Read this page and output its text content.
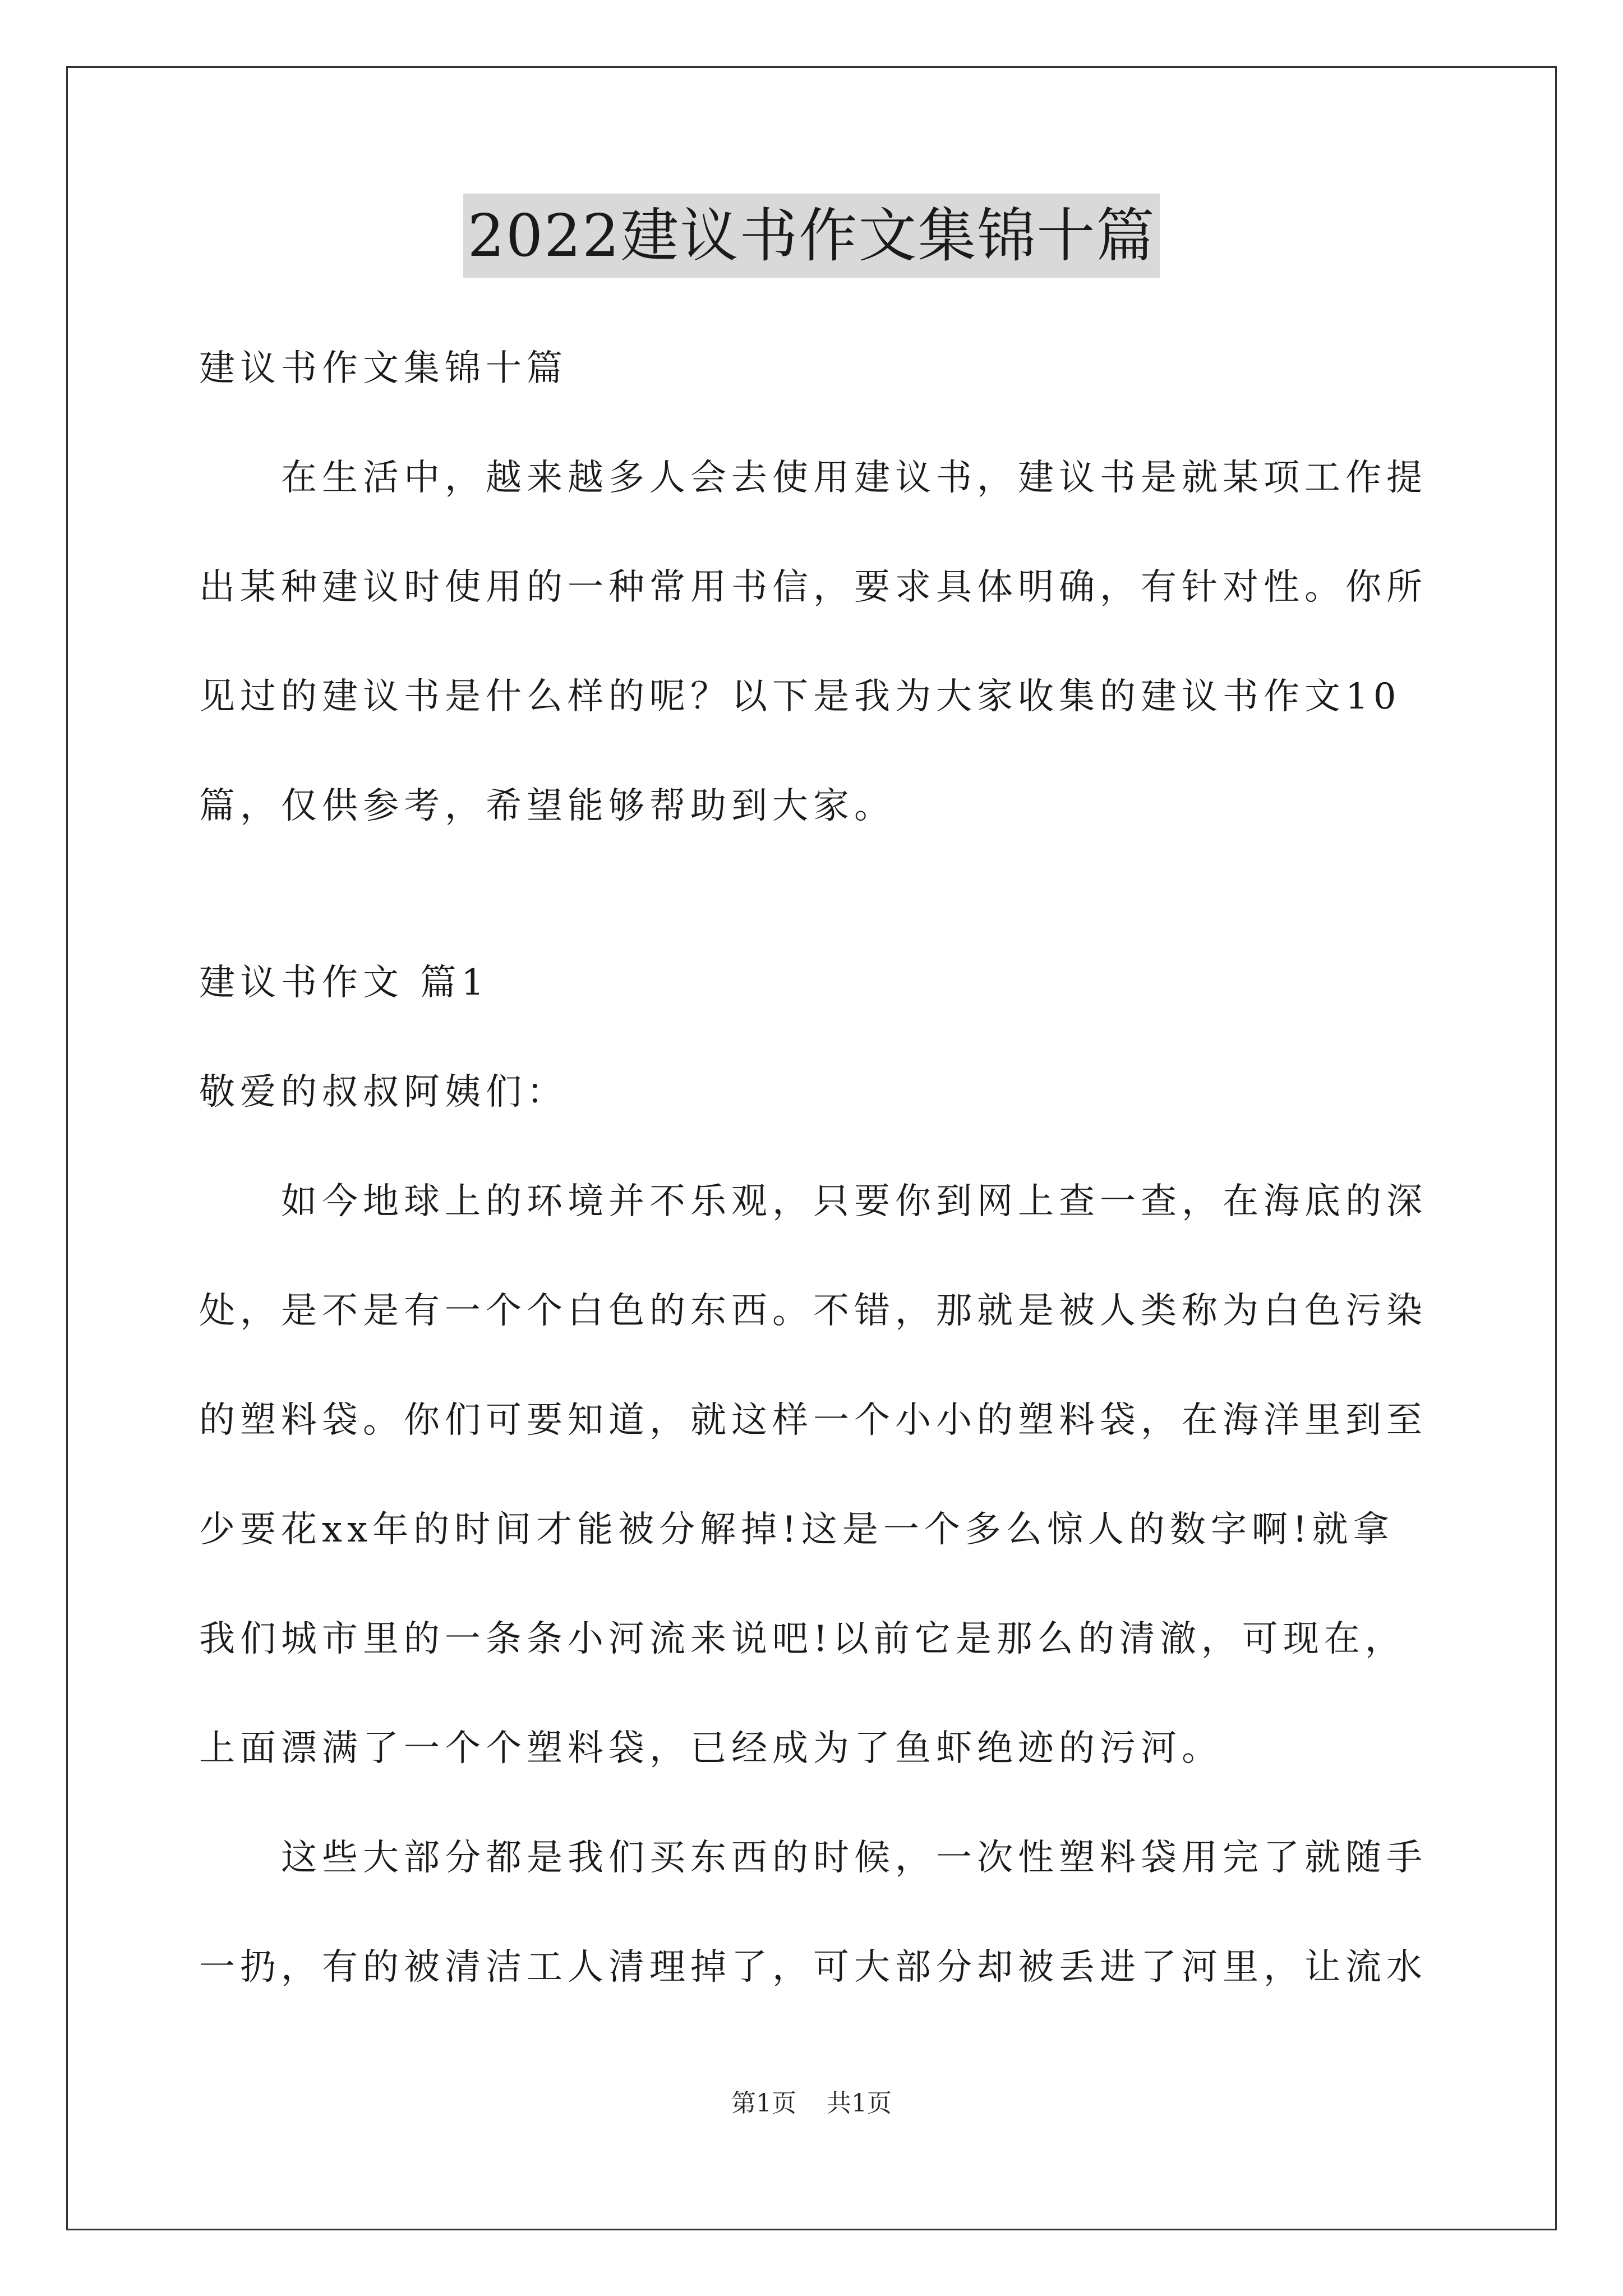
2022建议书作文集锦十篇

建议书作文集锦十篇

在生活中，越来越多人会去使用建议书，建议书是就某项工作提出某种建议时使用的一种常用书信，要求具体明确，有针对性。你所见过的建议书是什么样的呢？以下是我为大家收集的建议书作文10篇，仅供参考，希望能够帮助到大家。

建议书作文 篇1

敬爱的叔叔阿姨们：

如今地球上的环境并不乐观，只要你到网上查一查，在海底的深处，是不是有一个个白色的东西。不错，那就是被人类称为白色污染的塑料袋。你们可要知道，就这样一个小小的塑料袋，在海洋里到至少要花xx年的时间才能被分解掉!这是一个多么惊人的数字啊!就拿我们城市里的一条条小河流来说吧!以前它是那么的清澈，可现在，上面漂满了一个个塑料袋，已经成为了鱼虾绝迹的污河。

这些大部分都是我们买东西的时候，一次性塑料袋用完了就随手一扔，有的被清洁工人清理掉了，可大部分却被丢进了河里，让流水

第1页 共1页
